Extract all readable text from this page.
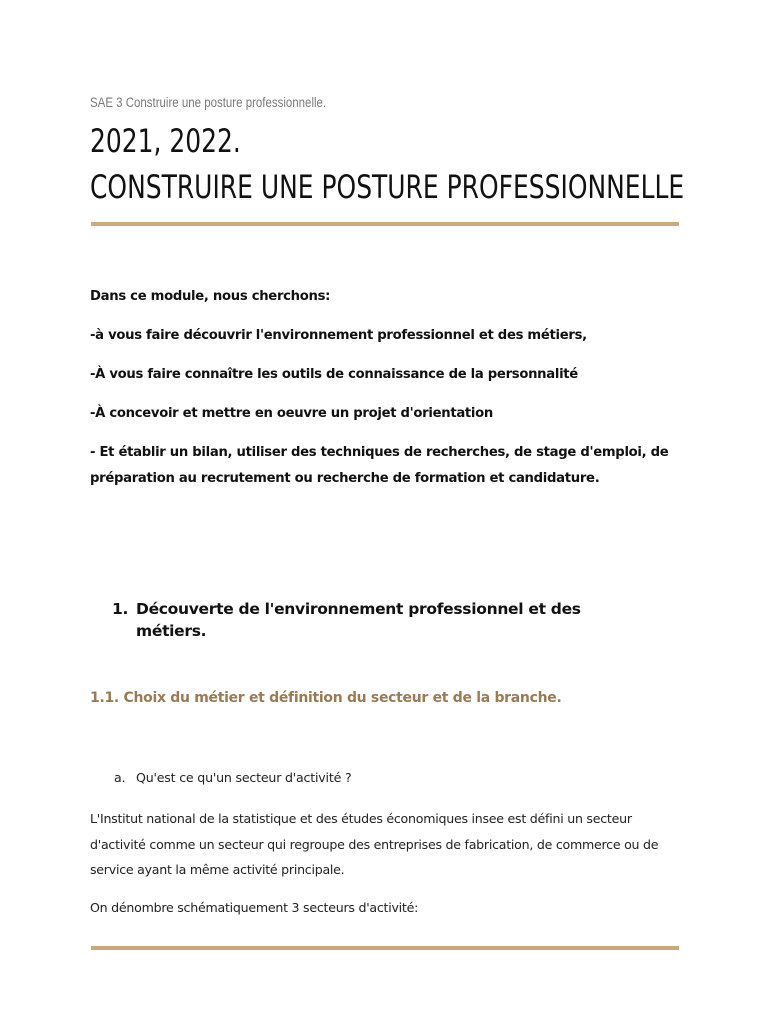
SAE 3 Construire une posture professionnelle.
2021, 2022.
CONSTRUIRE UNE POSTURE PROFESSIONNELLE

Dans ce module, nous cherchons:

-à vous faire découvrir l'environnement professionnel et des métiers,

-À vous faire connaître les outils de connaissance de la personnalité

-À concevoir et mettre en oeuvre un projet d'orientation

- Et établir un bilan, utiliser des techniques de recherches, de stage d'emploi, de préparation au recrutement ou recherche de formation et candidature.

1. Découverte de l'environnement professionnel et des métiers.
1.1. Choix du métier et définition du secteur et de la branche.
a. Qu'est ce qu'un secteur d'activité ?

L'Institut national de la statistique et des études économiques insee est défini un secteur d'activité comme un secteur qui regroupe des entreprises de fabrication, de commerce ou de service ayant la même activité principale.

On dénombre schématiquement 3 secteurs d'activité:
